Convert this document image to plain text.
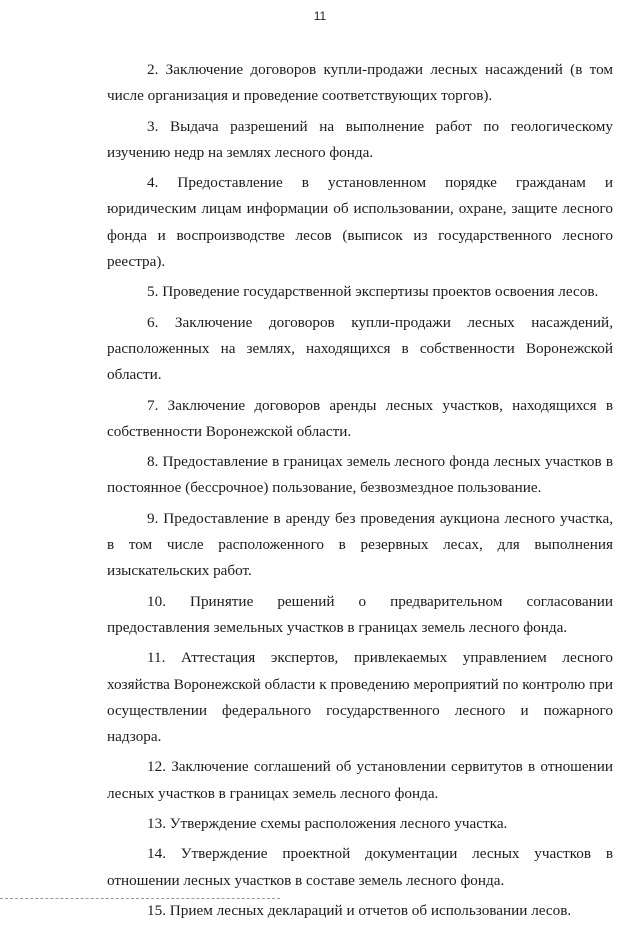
11

2. Заключение договоров купли-продажи лесных насаждений (в том числе организация и проведение соответствующих торгов).

3. Выдача разрешений на выполнение работ по геологическому изучению недр на землях лесного фонда.

4. Предоставление в установленном порядке гражданам и юридическим лицам информации об использовании, охране, защите лесного фонда и воспроизводстве лесов (выписок из государственного лесного реестра).

5. Проведение государственной экспертизы проектов освоения лесов.

6. Заключение договоров купли-продажи лесных насаждений, расположенных на землях, находящихся в собственности Воронежской области.

7. Заключение договоров аренды лесных участков, находящихся в собственности Воронежской области.

8. Предоставление в границах земель лесного фонда лесных участков в постоянное (бессрочное) пользование, безвозмездное пользование.

9. Предоставление в аренду без проведения аукциона лесного участка, в том числе расположенного в резервных лесах, для выполнения изыскательских работ.

10. Принятие решений о предварительном согласовании предоставления земельных участков в границах земель лесного фонда.

11. Аттестация экспертов, привлекаемых управлением лесного хозяйства Воронежской области к проведению мероприятий по контролю при осуществлении федерального государственного лесного и пожарного надзора.

12. Заключение соглашений об установлении сервитутов в отношении лесных участков в границах земель лесного фонда.

13. Утверждение схемы расположения лесного участка.

14. Утверждение проектной документации лесных участков в отношении лесных участков в составе земель лесного фонда.

15. Прием лесных деклараций и отчетов об использовании лесов.
